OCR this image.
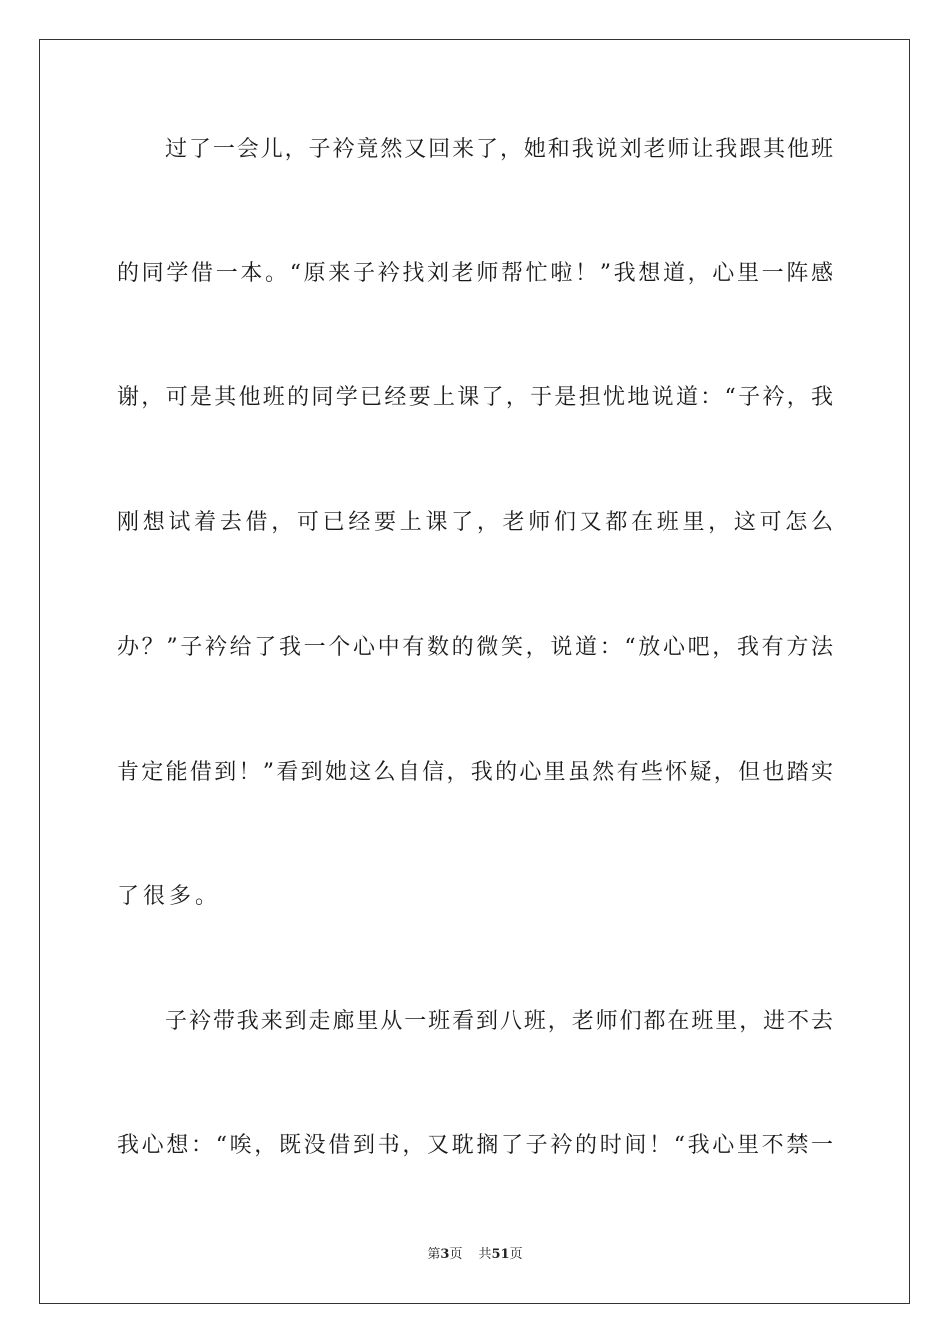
过了一会儿，子衿竟然又回来了，她和我说刘老师让我跟其他班
的同学借一本。“原来子衿找刘老师帮忙啦！”我想道，心里一阵感
谢，可是其他班的同学已经要上课了，于是担忧地说道：“子衿，我
刚想试着去借，可已经要上课了，老师们又都在班里，这可怎么
办？”子衿给了我一个心中有数的微笑，说道：“放心吧，我有方法
肯定能借到！”看到她这么自信，我的心里虽然有些怀疑，但也踏实
了很多。
子衿带我来到走廊里从一班看到八班，老师们都在班里，进不去
我心想：“唉，既没借到书，又耽搁了子衿的时间！“我心里不禁一
第3页 共51页
